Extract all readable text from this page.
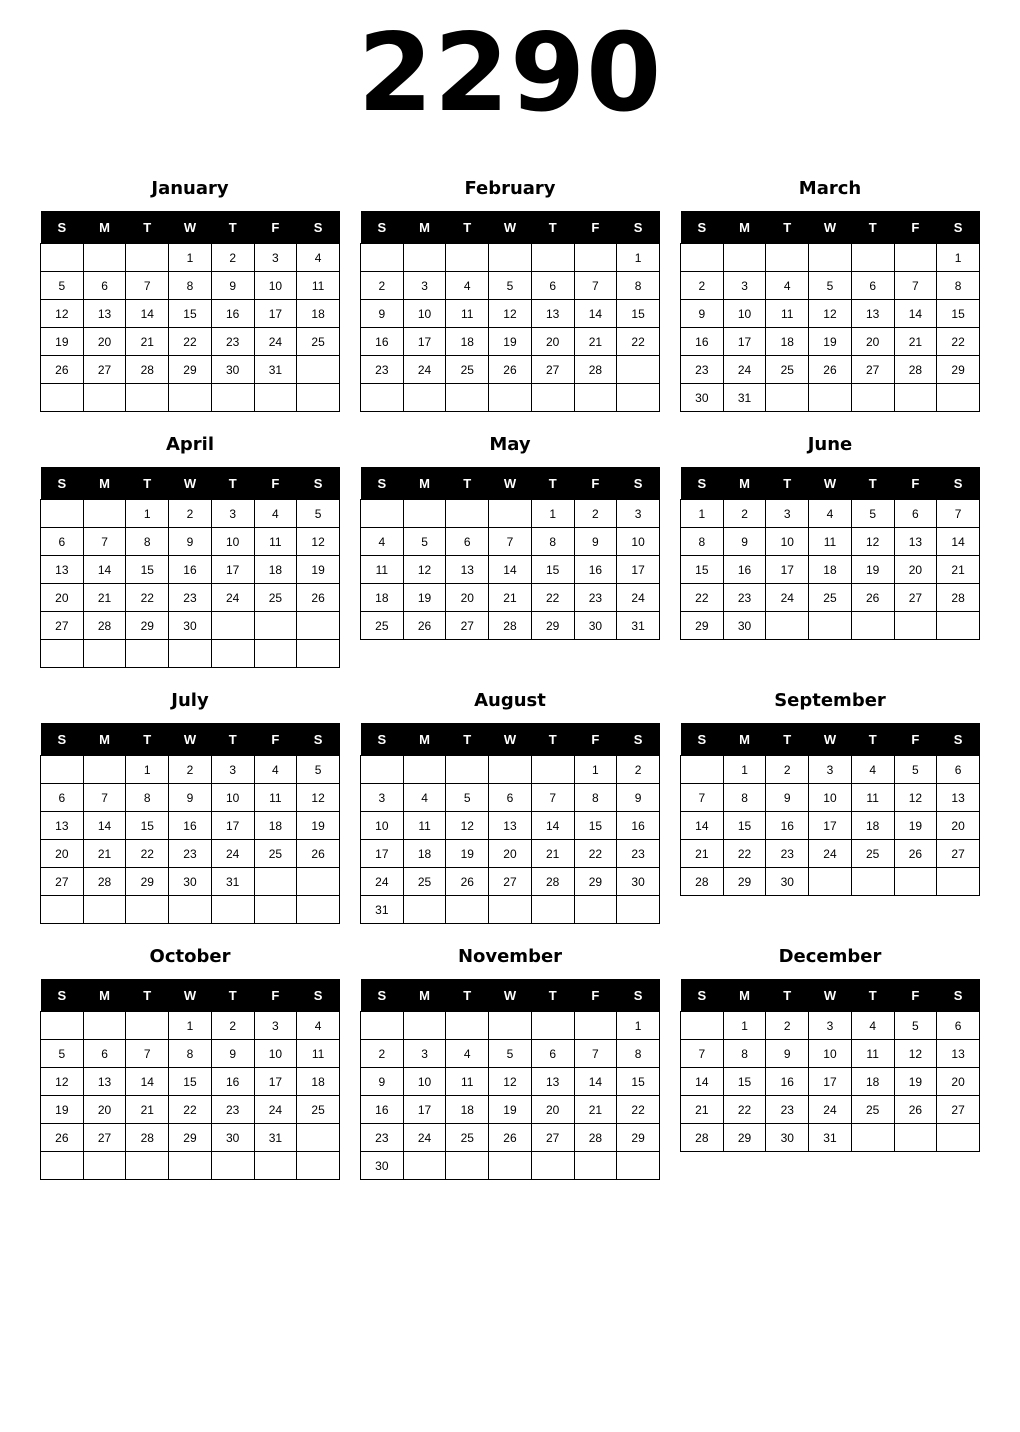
2290
January
S	M	T	W	T	F	S
			1	2	3	4
5	6	7	8	9	10	11
12	13	14	15	16	17	18
19	20	21	22	23	24	25
26	27	28	29	30	31	

February
S	M	T	W	T	F	S
						1
2	3	4	5	6	7	8
9	10	11	12	13	14	15
16	17	18	19	20	21	22
23	24	25	26	27	28	

March
S	M	T	W	T	F	S
						1
2	3	4	5	6	7	8
9	10	11	12	13	14	15
16	17	18	19	20	21	22
23	24	25	26	27	28	29
30	31					
April
S	M	T	W	T	F	S
		1	2	3	4	5
6	7	8	9	10	11	12
13	14	15	16	17	18	19
20	21	22	23	24	25	26
27	28	29	30			

May
S	M	T	W	T	F	S
				1	2	3
4	5	6	7	8	9	10
11	12	13	14	15	16	17
18	19	20	21	22	23	24
25	26	27	28	29	30	31
June
S	M	T	W	T	F	S
1	2	3	4	5	6	7
8	9	10	11	12	13	14
15	16	17	18	19	20	21
22	23	24	25	26	27	28
29	30					
July
S	M	T	W	T	F	S
		1	2	3	4	5
6	7	8	9	10	11	12
13	14	15	16	17	18	19
20	21	22	23	24	25	26
27	28	29	30	31		

August
S	M	T	W	T	F	S
					1	2
3	4	5	6	7	8	9
10	11	12	13	14	15	16
17	18	19	20	21	22	23
24	25	26	27	28	29	30
31						
September
S	M	T	W	T	F	S
	1	2	3	4	5	6
7	8	9	10	11	12	13
14	15	16	17	18	19	20
21	22	23	24	25	26	27
28	29	30				
October
S	M	T	W	T	F	S
			1	2	3	4
5	6	7	8	9	10	11
12	13	14	15	16	17	18
19	20	21	22	23	24	25
26	27	28	29	30	31	

November
S	M	T	W	T	F	S
						1
2	3	4	5	6	7	8
9	10	11	12	13	14	15
16	17	18	19	20	21	22
23	24	25	26	27	28	29
30						
December
S	M	T	W	T	F	S
	1	2	3	4	5	6
7	8	9	10	11	12	13
14	15	16	17	18	19	20
21	22	23	24	25	26	27
28	29	30	31			
